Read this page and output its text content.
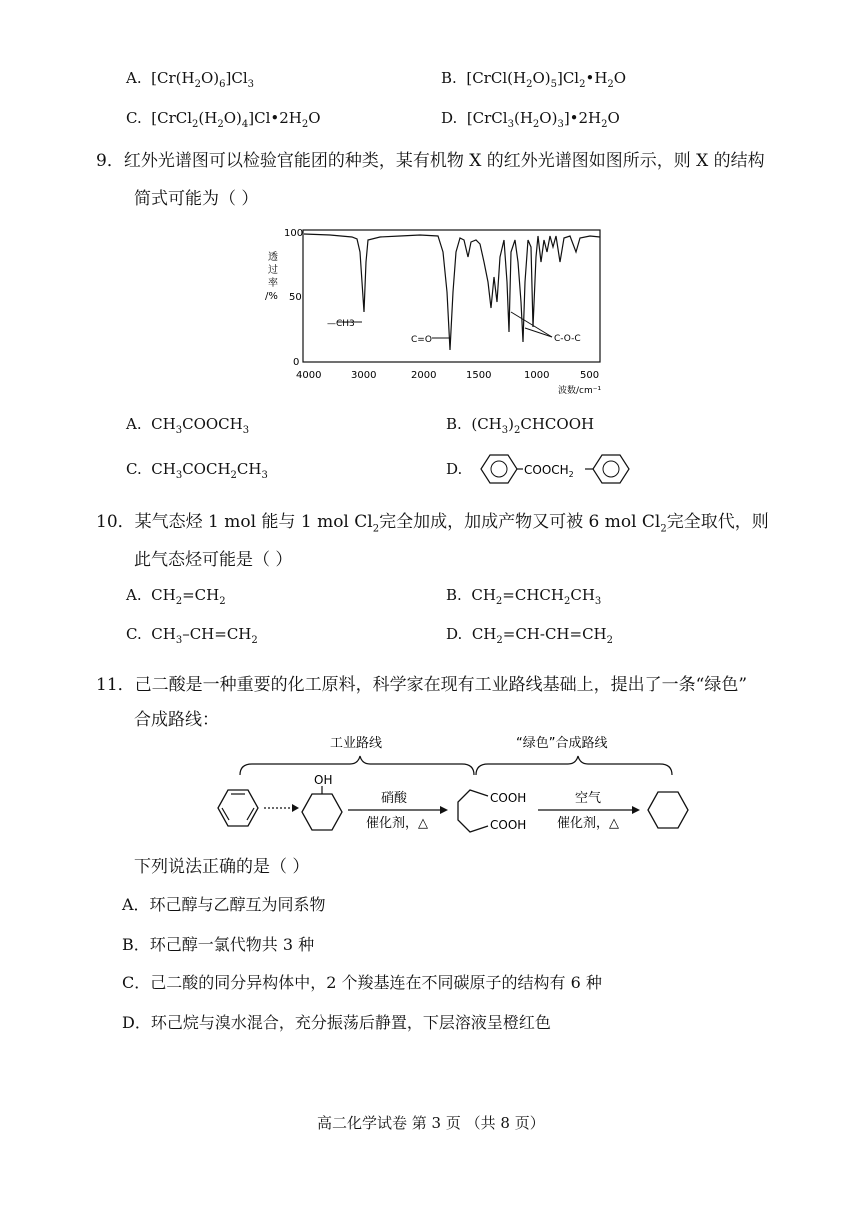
A. $[Cr(H_2O)_6]Cl_3$	B. $[CrCl(H_2O)_5]Cl_2•H_2O$
C. $[CrCl_2(H_2O)_4]Cl•2H_2O$	D. $[CrCl_3(H_2O)_3]•2H_2O$
9．红外光谱图可以检验官能团的种类，某有机物 X 的红外光谱图如图所示，则 X 的结构
简式可能为（ ）
透过率/%
100
50
0
4000	3000	2000	1500	1000	500
波数/cm⁻¹
—CH3
C=O	C-O-C
A. $CH_3COOCH_3$	B. $(CH_3)_2CHCOOH$
C. $CH_3COCH_2CH_3$	D.	$COOCH_2$
10．某气态烃 1 mol 能与 1 mol $Cl_2$完全加成，加成产物又可被 6 mol $Cl_2$完全取代，则
此气态烃可能是（ ）
A. $CH_2=CH_2$	B. $CH_2=CHCH_2CH_3$
C. $CH_3-CH=CH_2$	D. $CH_2=CH-CH=CH_2$
11．己二酸是一种重要的化工原料，科学家在现有工业路线基础上，提出了一条“绿色”
合成路线：
工业路线	“绿色”合成路线
OH
硝酸
催化剂，△
COOH
COOH
空气
催化剂，△
下列说法正确的是（ ）
A．环己醇与乙醇互为同系物
B．环己醇一氯代物共 3 种
C．己二酸的同分异构体中，2 个羧基连在不同碳原子的结构有 6 种
D．环己烷与溴水混合，充分振荡后静置，下层溶液呈橙红色
高二化学试卷 第 3 页 （共 8 页）
